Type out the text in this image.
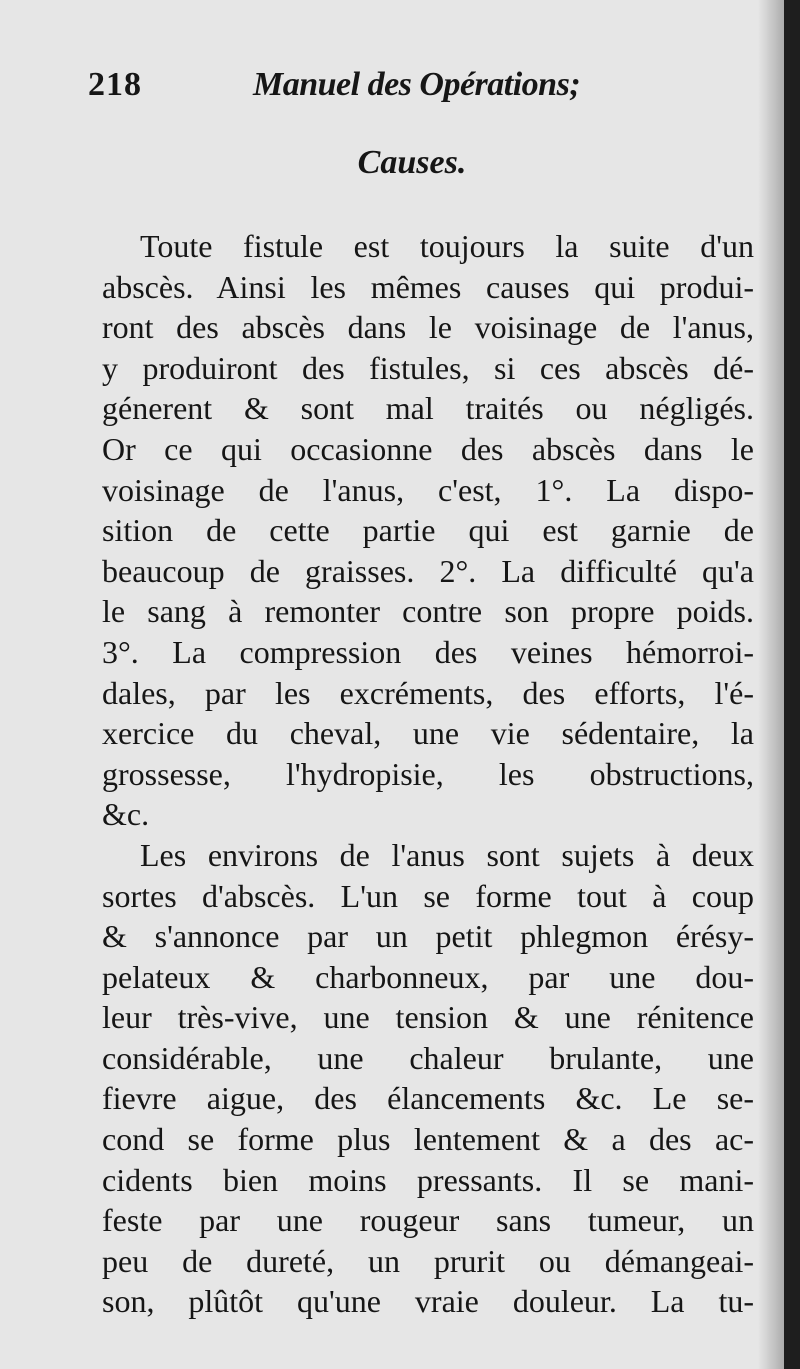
218	Manuel des Opérations;
Causes.
Toute fistule est toujours la suite d'un
abscès. Ainsi les mêmes causes qui produi-
ront des abscès dans le voisinage de l'anus,
y produiront des fistules, si ces abscès dé-
génerent & sont mal traités ou négligés.
Or ce qui occasionne des abscès dans le
voisinage de l'anus, c'est, 1°. La dispo-
sition de cette partie qui est garnie de
beaucoup de graisses. 2°. La difficulté qu'a
le sang à remonter contre son propre poids.
3°. La compression des veines hémorroi-
dales, par les excréments, des efforts, l'é-
xercice du cheval, une vie sédentaire, la
grossesse, l'hydropisie, les obstructions,
&c.
Les environs de l'anus sont sujets à deux
sortes d'abscès. L'un se forme tout à coup
& s'annonce par un petit phlegmon érésy-
pelateux & charbonneux, par une dou-
leur très-vive, une tension & une rénitence
considérable, une chaleur brulante, une
fievre aigue, des élancements &c. Le se-
cond se forme plus lentement & a des ac-
cidents bien moins pressants. Il se mani-
feste par une rougeur sans tumeur, un
peu de dureté, un prurit ou démangeai-
son, plûtôt qu'une vraie douleur. La tu-
